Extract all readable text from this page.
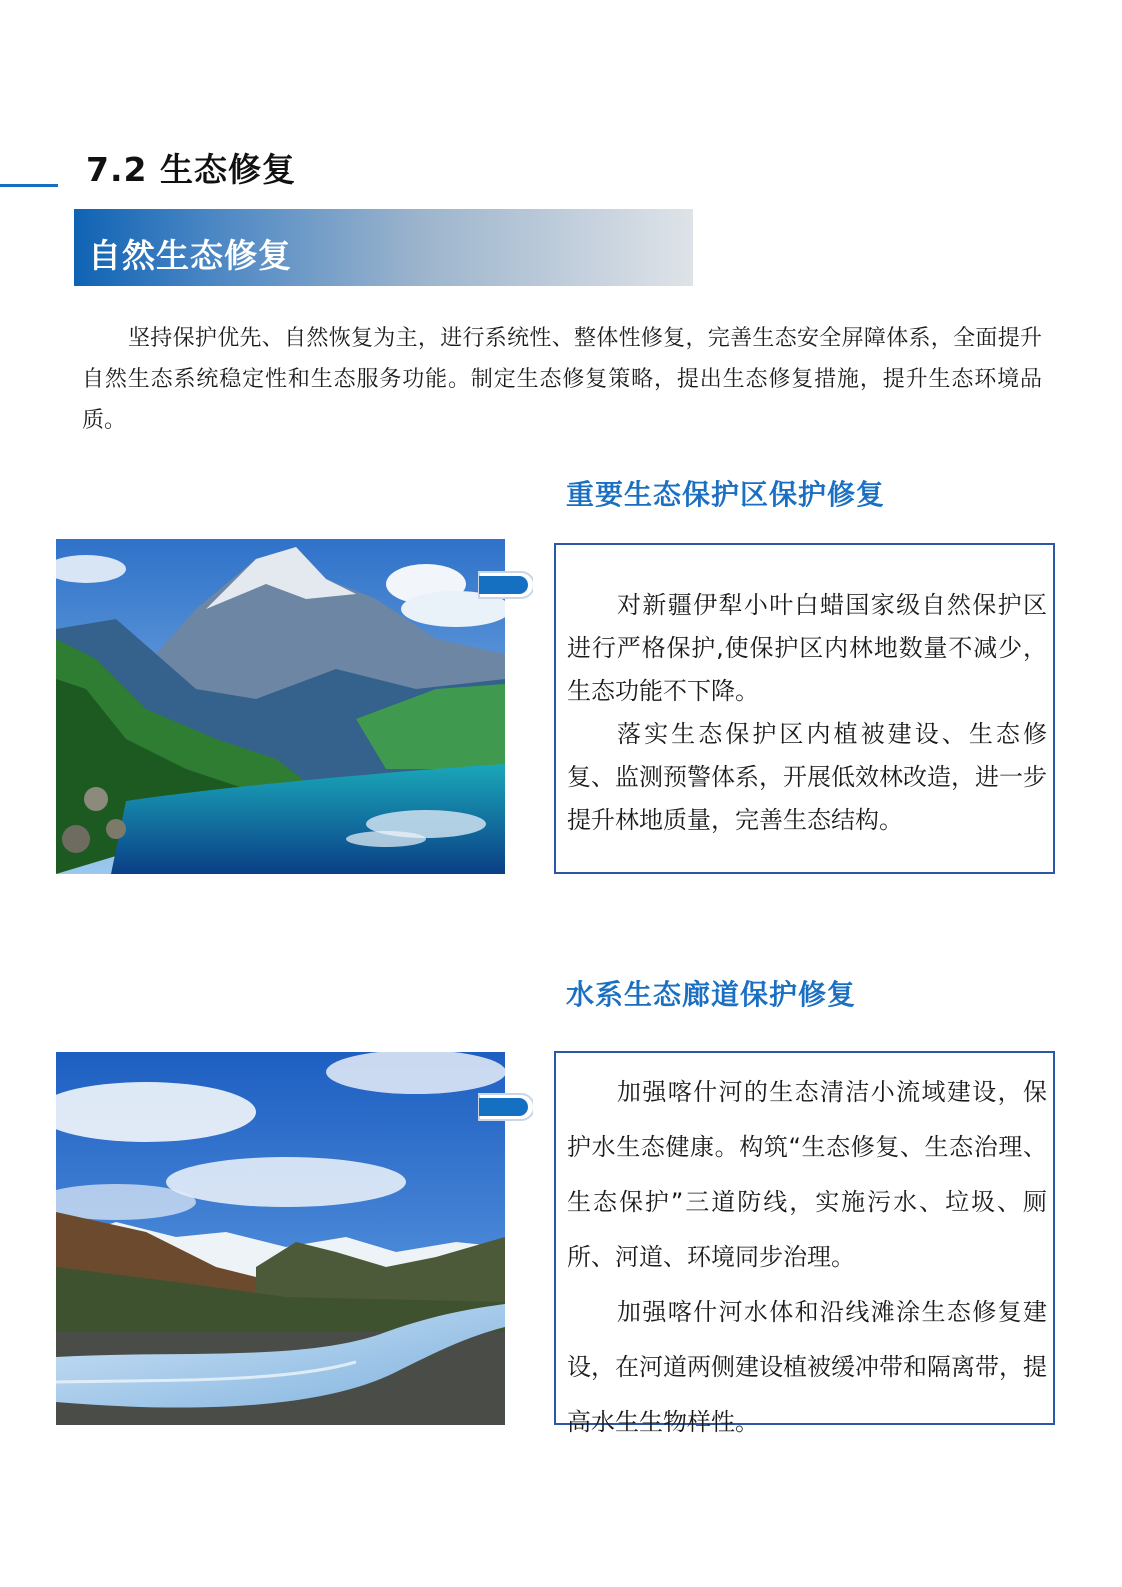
7.2 生态修复
自然生态修复

坚持保护优先、自然恢复为主，进行系统性、整体性修复，完善生态安全屏障体系，全面提升自然生态系统稳定性和生态服务功能。制定生态修复策略，提出生态修复措施，提升生态环境品质。

重要生态保护区保护修复

对新疆伊犁小叶白蜡国家级自然保护区进行严格保护,使保护区内林地数量不减少，生态功能不下降。

落实生态保护区内植被建设、生态修复、监测预警体系，开展低效林改造，进一步提升林地质量，完善生态结构。

水系生态廊道保护修复

加强喀什河的生态清洁小流域建设，保护水生态健康。构筑“生态修复、生态治理、生态保护”三道防线，实施污水、垃圾、厕所、河道、环境同步治理。

加强喀什河水体和沿线滩涂生态修复建设，在河道两侧建设植被缓冲带和隔离带，提高水生生物样性。
